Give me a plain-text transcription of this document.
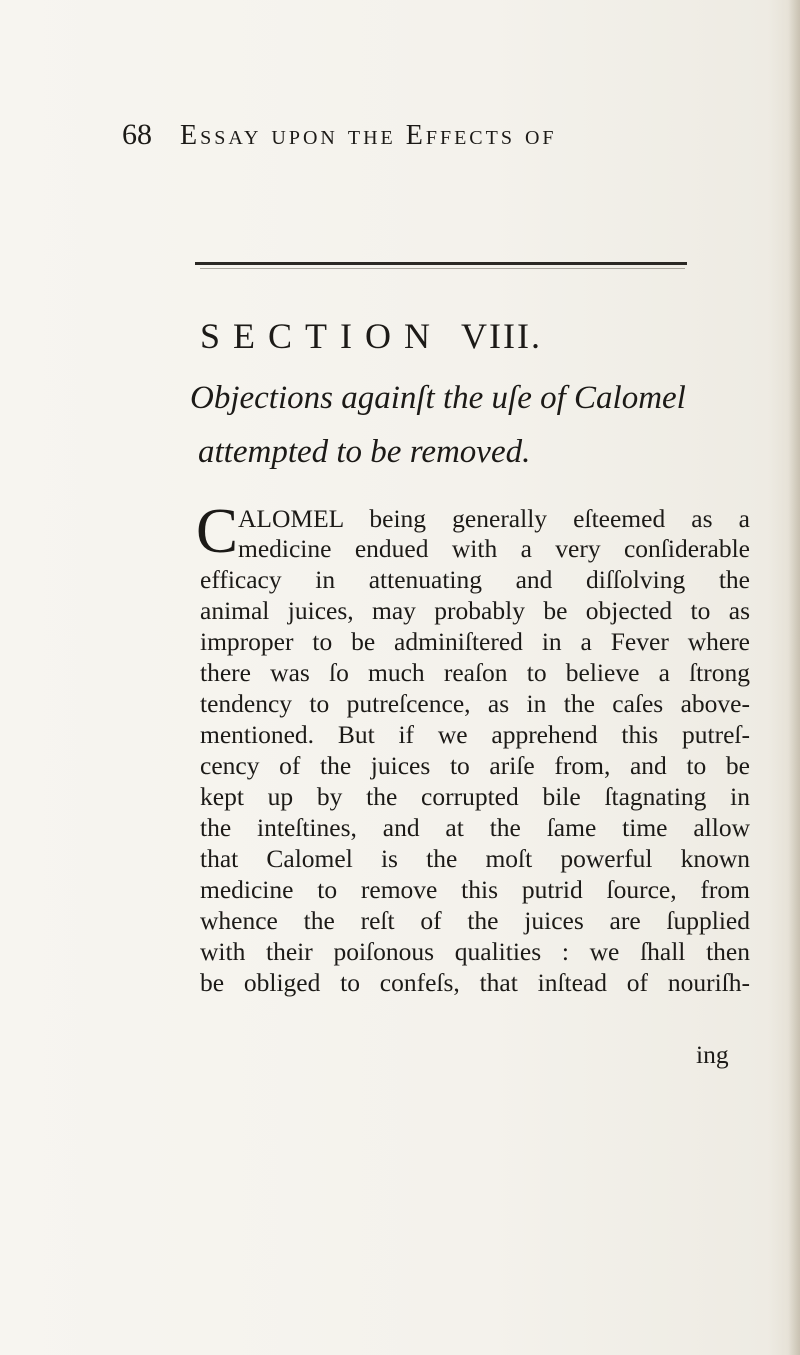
68 Essay upon the Effects of
SECTION VIII.
Objections againſt the uſe of Calomel
attempted to be removed.
C ALOMEL being generally eſteemed as a
medicine endued with a very conſiderable
efficacy in attenuating and diſſolving the
animal juices, may probably be objected to as
improper to be adminiſtered in a Fever where
there was ſo much reaſon to believe a ſtrong
tendency to putreſcence, as in the caſes above-
mentioned. But if we apprehend this putreſ-
cency of the juices to ariſe from, and to be
kept up by the corrupted bile ſtagnating in
the inteſtines, and at the ſame time allow
that Calomel is the moſt powerful known
medicine to remove this putrid ſource, from
whence the reſt of the juices are ſupplied
with their poiſonous qualities : we ſhall then
be obliged to confeſs, that inſtead of nouriſh-
ing
